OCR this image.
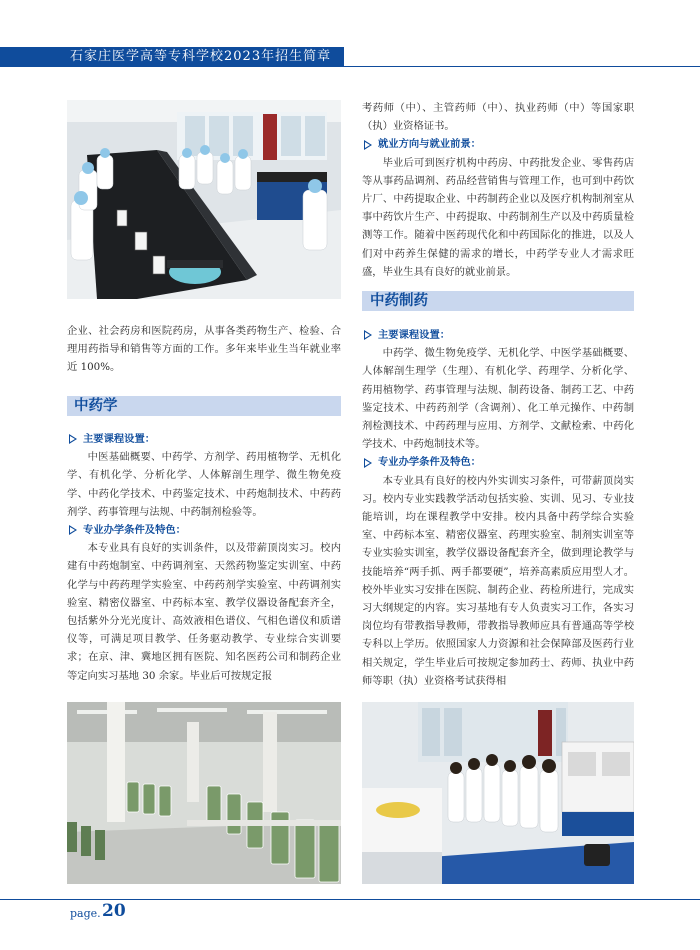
石家庄医学高等专科学校2023年招生简章

企业、社会药房和医院药房，从事各类药物生产、检验、合理用药指导和销售等方面的工作。多年来毕业生当年就业率近 100%。

中药学

主要课程设置：

中医基础概要、中药学、方剂学、药用植物学、无机化学、有机化学、分析化学、人体解剖生理学、微生物免疫学、中药化学技术、中药鉴定技术、中药炮制技术、中药药剂学、药事管理与法规、中药制剂检验等。

专业办学条件及特色：

本专业具有良好的实训条件，以及带薪顶岗实习。校内建有中药炮制室、中药调剂室、天然药物鉴定实训室、中药化学与中药药理学实验室、中药药剂学实验室、中药调剂实验室、精密仪器室、中药标本室、教学仪器设备配套齐全，包括紫外分光光度计、高效液相色谱仪、气相色谱仪和质谱仪等，可满足项目教学、任务驱动教学、专业综合实训要求；在京、津、冀地区拥有医院、知名医药公司和制药企业等定向实习基地 30 余家。毕业后可按规定报

考药师（中）、主管药师（中）、执业药师（中）等国家职（执）业资格证书。

就业方向与就业前景：

毕业后可到医疗机构中药房、中药批发企业、零售药店等从事药品调剂、药品经营销售与管理工作，也可到中药饮片厂、中药提取企业、中药制药企业以及医疗机构制剂室从事中药饮片生产、中药提取、中药制剂生产以及中药质量检测等工作。随着中医药现代化和中药国际化的推进，以及人们对中药养生保健的需求的增长，中药学专业人才需求旺盛，毕业生具有良好的就业前景。

中药制药

主要课程设置：

中药学、微生物免疫学、无机化学、中医学基础概要、人体解剖生理学（生理）、有机化学、药理学、分析化学、药用植物学、药事管理与法规、制药设备、制药工艺、中药鉴定技术、中药药剂学（含调剂）、化工单元操作、中药制剂检测技术、中药药理与应用、方剂学、文献检索、中药化学技术、中药炮制技术等。

专业办学条件及特色：

本专业具有良好的校内外实训实习条件，可带薪顶岗实习。校内专业实践教学活动包括实验、实训、见习、专业技能培训，均在课程教学中安排。校内具备中药学综合实验室、中药标本室、精密仪器室、药理实验室、制剂实训室等专业实验实训室，教学仪器设备配套齐全，做到理论教学与技能培养“两手抓、两手都要硬”，培养高素质应用型人才。校外毕业实习安排在医院、制药企业、药检所进行，完成实习大纲规定的内容。实习基地有专人负责实习工作，各实习岗位均有带教指导教师，带教指导教师应具有普通高等学校专科以上学历。依照国家人力资源和社会保障部及医药行业相关规定，学生毕业后可按规定参加药士、药师、执业中药师等职（执）业资格考试获得相

page. 20
